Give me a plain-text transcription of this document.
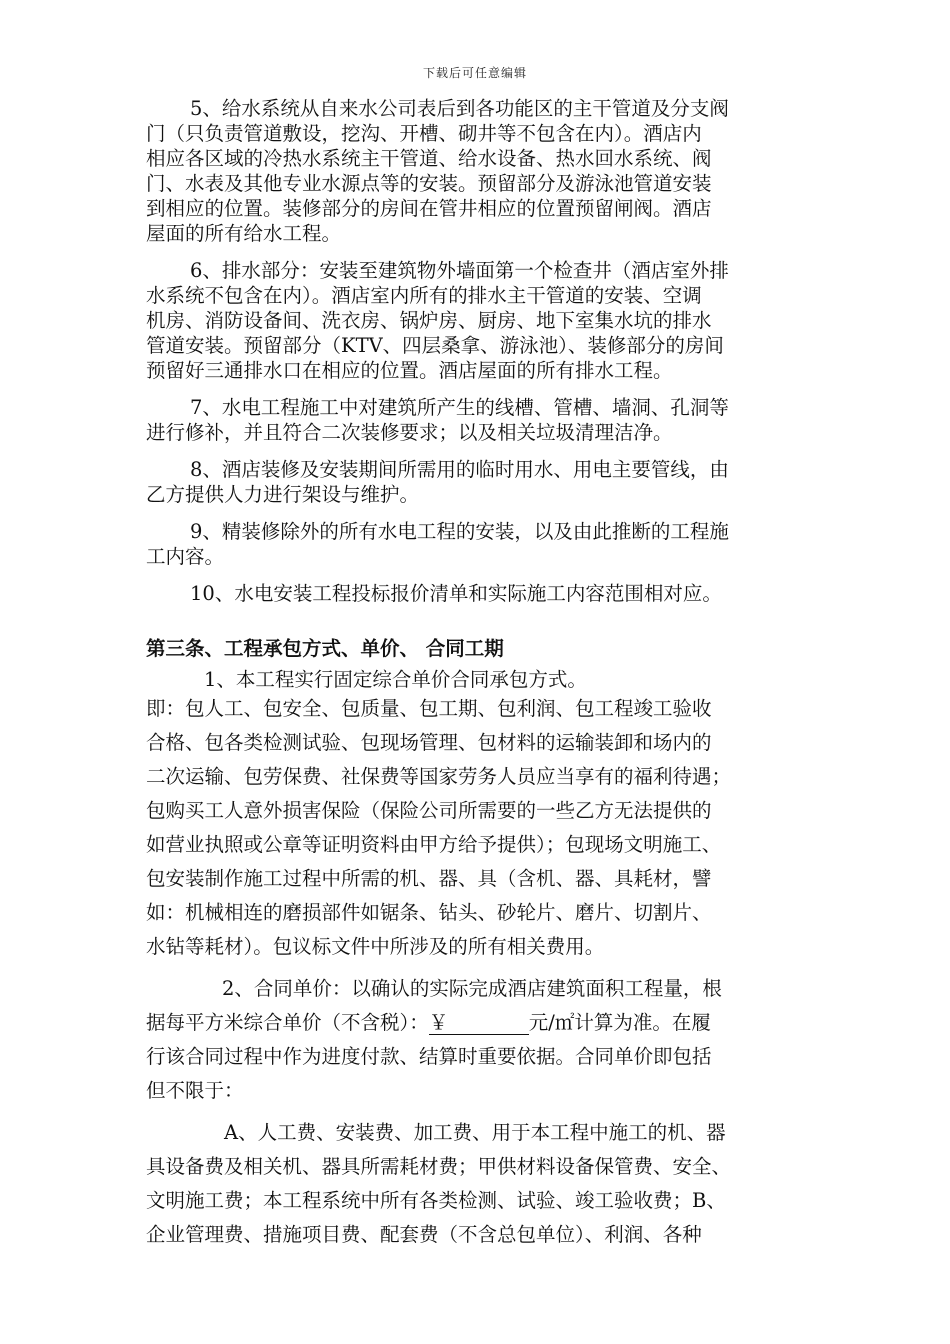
下载后可任意编辑

5、给水系统从自来水公司表后到各功能区的主干管道及分支阀
门（只负责管道敷设，挖沟、开槽、砌井等不包含在内）。酒店内
相应各区域的冷热水系统主干管道、给水设备、热水回水系统、阀
门、水表及其他专业水源点等的安装。预留部分及游泳池管道安装
到相应的位置。装修部分的房间在管井相应的位置预留闸阀。酒店
屋面的所有给水工程。

6、排水部分：安装至建筑物外墙面第一个检查井（酒店室外排
水系统不包含在内）。酒店室内所有的排水主干管道的安装、空调
机房、消防设备间、洗衣房、锅炉房、厨房、地下室集水坑的排水
管道安装。预留部分（KTV、四层桑拿、游泳池）、装修部分的房间
预留好三通排水口在相应的位置。酒店屋面的所有排水工程。

7、水电工程施工中对建筑所产生的线槽、管槽、墙洞、孔洞等
进行修补，并且符合二次装修要求；以及相关垃圾清理洁净。

8、酒店装修及安装期间所需用的临时用水、用电主要管线，由
乙方提供人力进行架设与维护。

9、精装修除外的所有水电工程的安装，以及由此推断的工程施
工内容。

10、水电安装工程投标报价清单和实际施工内容范围相对应。

第三条、工程承包方式、单价、 合同工期

1、本工程实行固定综合单价合同承包方式。

即：包人工、包安全、包质量、包工期、包利润、包工程竣工验收
合格、包各类检测试验、包现场管理、包材料的运输装卸和场内的
二次运输、包劳保费、社保费等国家劳务人员应当享有的福利待遇；
包购买工人意外损害保险（保险公司所需要的一些乙方无法提供的
如营业执照或公章等证明资料由甲方给予提供）；包现场文明施工、
包安装制作施工过程中所需的机、器、具（含机、器、具耗材，譬
如：机械相连的磨损部件如锯条、钻头、砂轮片、磨片、切割片、
水钻等耗材）。包议标文件中所涉及的所有相关费用。

2、合同单价：以确认的实际完成酒店建筑面积工程量，根
据每平方米综合单价（不含税）：￥	元/㎡计算为准。在履
行该合同过程中作为进度付款、结算时重要依据。合同单价即包括
但不限于：

A、人工费、安装费、加工费、用于本工程中施工的机、器
具设备费及相关机、器具所需耗材费；甲供材料设备保管费、安全、
文明施工费；本工程系统中所有各类检测、试验、竣工验收费；B、
企业管理费、措施项目费、配套费（不含总包单位）、利润、各种
